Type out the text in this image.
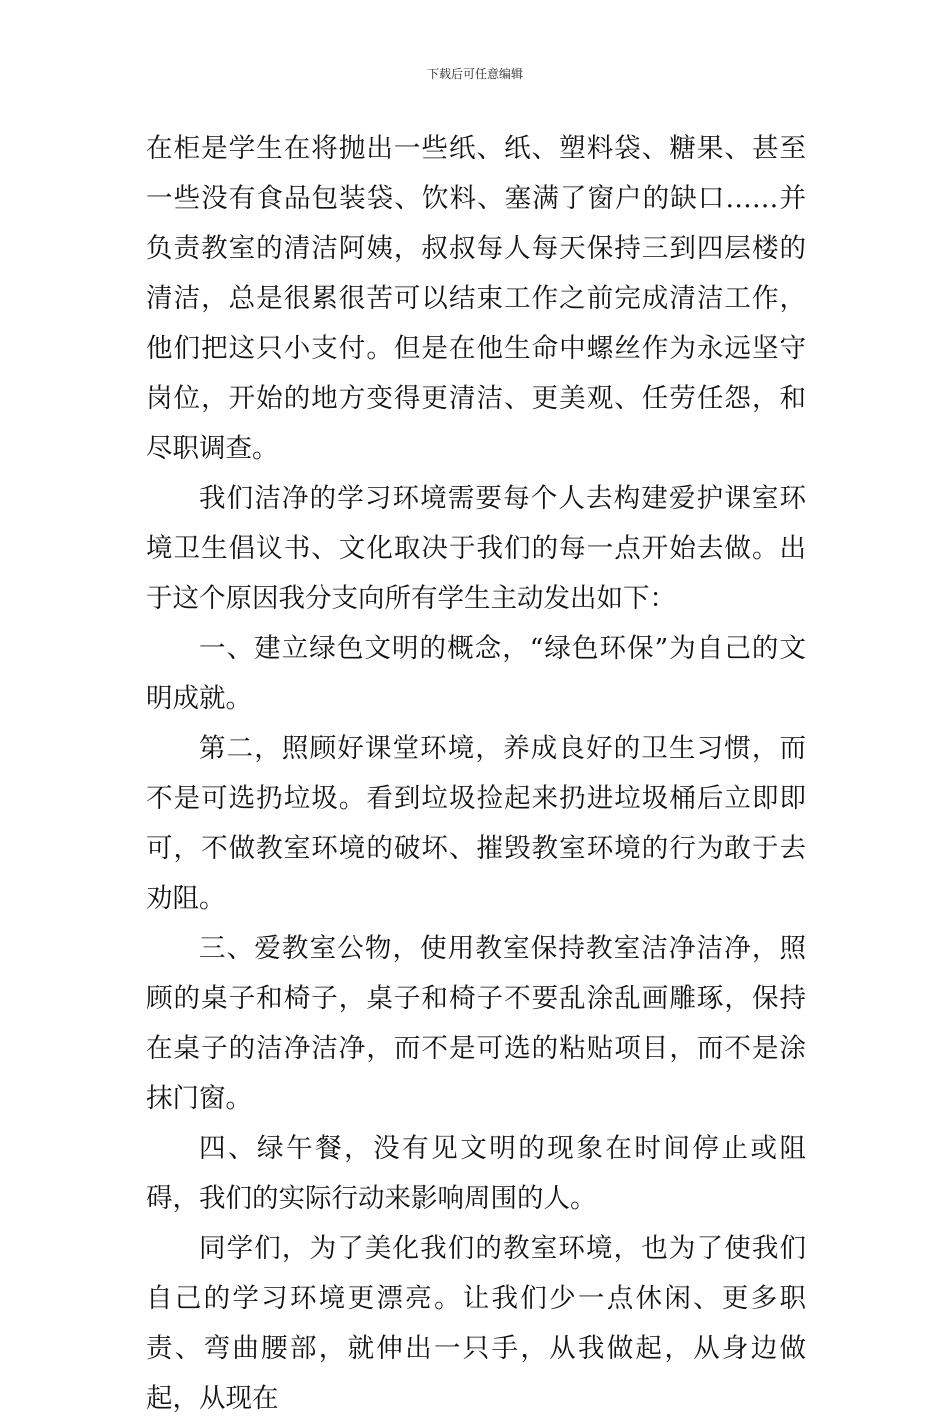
下载后可任意编辑

在柜是学生在将抛出一些纸、纸、塑料袋、糖果、甚至一些没有食品包装袋、饮料、塞满了窗户的缺口……并负责教室的清洁阿姨，叔叔每人每天保持三到四层楼的清洁，总是很累很苦可以结束工作之前完成清洁工作，他们把这只小支付。但是在他生命中螺丝作为永远坚守岗位，开始的地方变得更清洁、更美观、任劳任怨，和尽职调查。

我们洁净的学习环境需要每个人去构建爱护课室环境卫生倡议书、文化取决于我们的每一点开始去做。出于这个原因我分支向所有学生主动发出如下：

一、建立绿色文明的概念，“绿色环保”为自己的文明成就。

第二，照顾好课堂环境，养成良好的卫生习惯，而不是可选扔垃圾。看到垃圾捡起来扔进垃圾桶后立即即可，不做教室环境的破坏、摧毁教室环境的行为敢于去劝阻。

三、爱教室公物，使用教室保持教室洁净洁净，照顾的桌子和椅子，桌子和椅子不要乱涂乱画雕琢，保持在桌子的洁净洁净，而不是可选的粘贴项目，而不是涂抹门窗。

四、绿午餐，没有见文明的现象在时间停止或阻碍，我们的实际行动来影响周围的人。

同学们，为了美化我们的教室环境，也为了使我们自己的学习环境更漂亮。让我们少一点休闲、更多职责、弯曲腰部，就伸出一只手，从我做起，从身边做起，从现在
